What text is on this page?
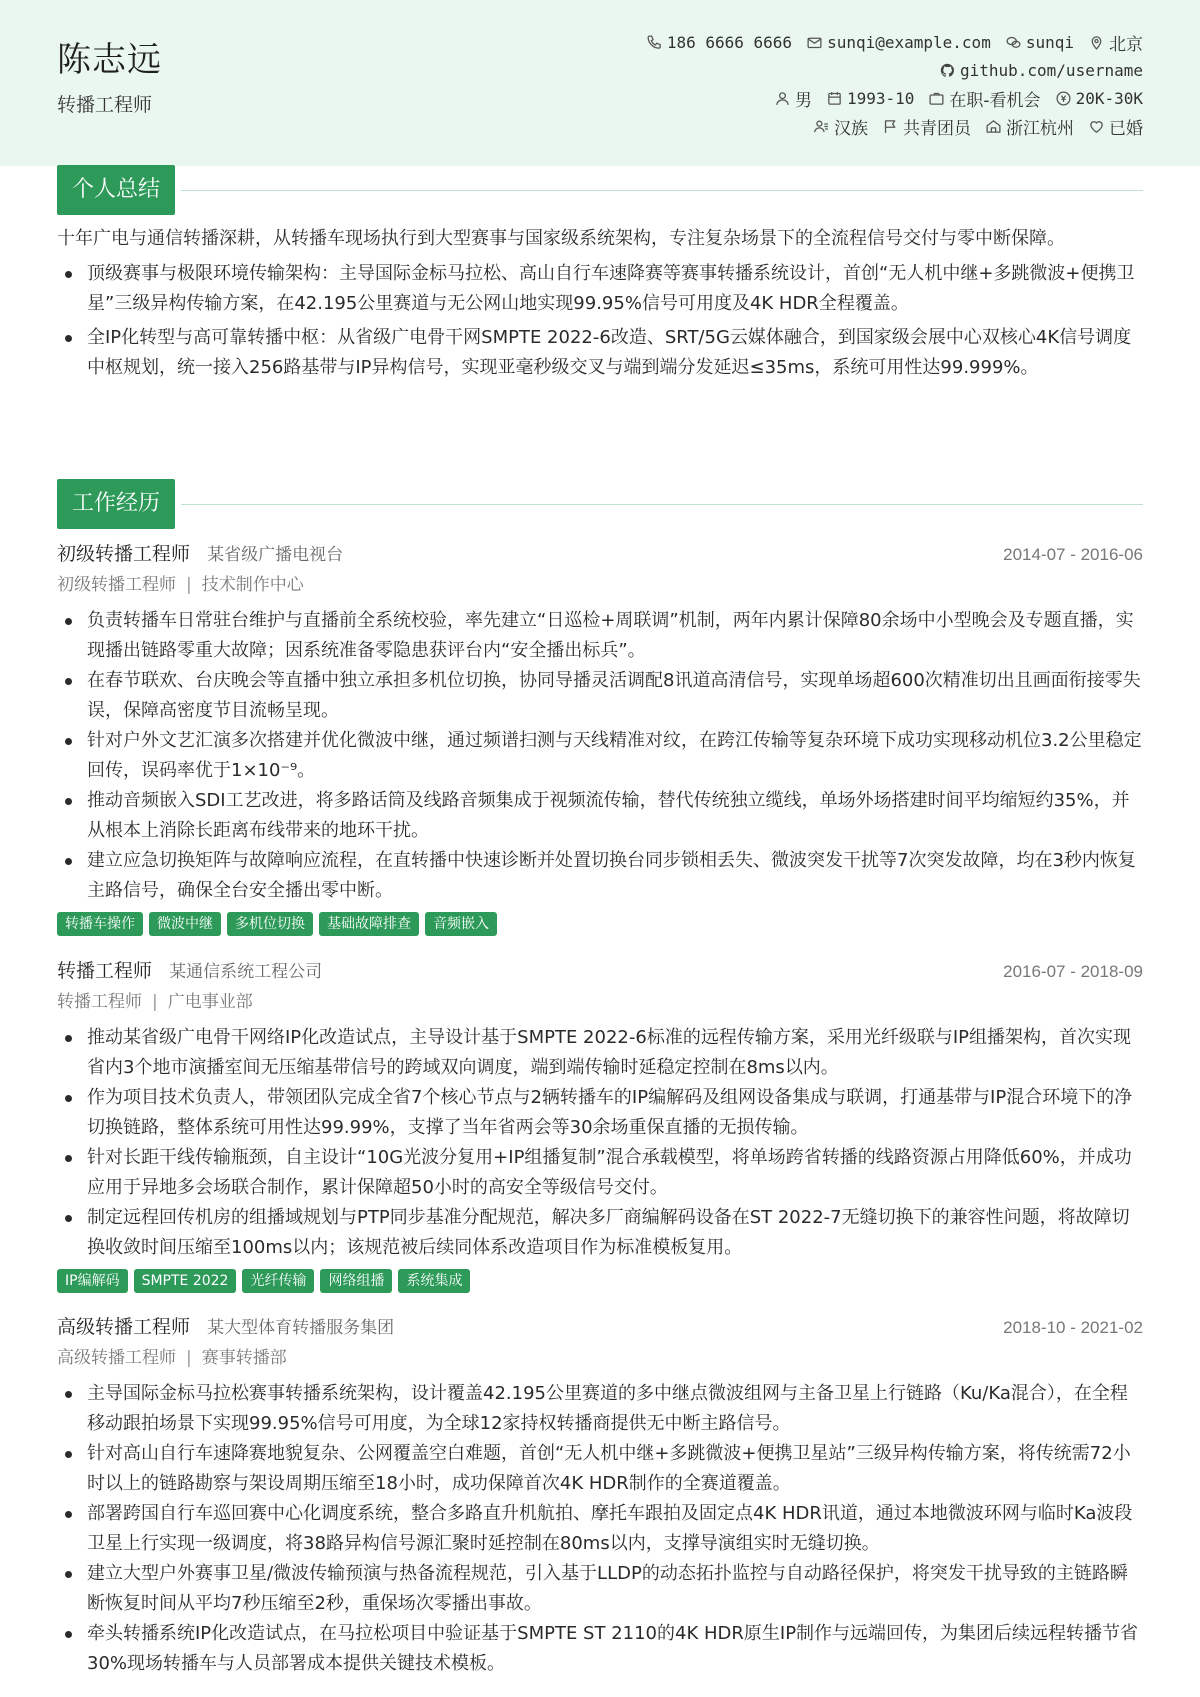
陈志远
转播工程师
186 6666 6666 sunqi@example.com sunqi 北京
github.com/username
男 1993-10 在职-看机会 20K-30K
汉族 共青团员 浙江杭州 已婚
个人总结

十年广电与通信转播深耕，从转播车现场执行到大型赛事与国家级系统架构，专注复杂场景下的全流程信号交付与零中断保障。

顶级赛事与极限环境传输架构：主导国际金标马拉松、高山自行车速降赛等赛事转播系统设计，首创“无人机中继+多跳微波+便携卫星”三级异构传输方案，在42.195公里赛道与无公网山地实现99.95%信号可用度及4K HDR全程覆盖。
全IP化转型与高可靠转播中枢：从省级广电骨干网SMPTE 2022-6改造、SRT/5G云媒体融合，到国家级会展中心双核心4K信号调度中枢规划，统一接入256路基带与IP异构信号，实现亚毫秒级交叉与端到端分发延迟≤35ms，系统可用性达99.999%。
工作经历
初级转播工程师 某省级广播电视台	2014-07 - 2016-06
初级转播工程师 | 技术制作中心
负责转播车日常驻台维护与直播前全系统校验，率先建立“日巡检+周联调”机制，两年内累计保障80余场中小型晚会及专题直播，实现播出链路零重大故障；因系统准备零隐患获评台内“安全播出标兵”。
在春节联欢、台庆晚会等直播中独立承担多机位切换，协同导播灵活调配8讯道高清信号，实现单场超600次精准切出且画面衔接零失误，保障高密度节目流畅呈现。
针对户外文艺汇演多次搭建并优化微波中继，通过频谱扫测与天线精准对纹，在跨江传输等复杂环境下成功实现移动机位3.2公里稳定回传，误码率优于1×10⁻⁹。
推动音频嵌入SDI工艺改进，将多路话筒及线路音频集成于视频流传输，替代传统独立缆线，单场外场搭建时间平均缩短约35%，并从根本上消除长距离布线带来的地环干扰。
建立应急切换矩阵与故障响应流程，在直转播中快速诊断并处置切换台同步锁相丢失、微波突发干扰等7次突发故障，均在3秒内恢复主路信号，确保全台安全播出零中断。
转播车操作	微波中继	多机位切换	基础故障排查	音频嵌入
转播工程师 某通信系统工程公司	2016-07 - 2018-09
转播工程师 | 广电事业部
推动某省级广电骨干网络IP化改造试点，主导设计基于SMPTE 2022-6标准的远程传输方案，采用光纤级联与IP组播架构，首次实现省内3个地市演播室间无压缩基带信号的跨域双向调度，端到端传输时延稳定控制在8ms以内。
作为项目技术负责人，带领团队完成全省7个核心节点与2辆转播车的IP编解码及组网设备集成与联调，打通基带与IP混合环境下的净切换链路，整体系统可用性达99.99%，支撑了当年省两会等30余场重保直播的无损传输。
针对长距干线传输瓶颈，自主设计“10G光波分复用+IP组播复制”混合承载模型，将单场跨省转播的线路资源占用降低60%，并成功应用于异地多会场联合制作，累计保障超50小时的高安全等级信号交付。
制定远程回传机房的组播域规划与PTP同步基准分配规范，解决多厂商编解码设备在ST 2022-7无缝切换下的兼容性问题，将故障切换收敛时间压缩至100ms以内；该规范被后续同体系改造项目作为标准模板复用。
IP编解码	SMPTE 2022	光纤传输	网络组播	系统集成
高级转播工程师 某大型体育转播服务集团	2018-10 - 2021-02
高级转播工程师 | 赛事转播部
主导国际金标马拉松赛事转播系统架构，设计覆盖42.195公里赛道的多中继点微波组网与主备卫星上行链路（Ku/Ka混合），在全程移动跟拍场景下实现99.95%信号可用度，为全球12家持权转播商提供无中断主路信号。
针对高山自行车速降赛地貌复杂、公网覆盖空白难题，首创“无人机中继+多跳微波+便携卫星站”三级异构传输方案，将传统需72小时以上的链路勘察与架设周期压缩至18小时，成功保障首次4K HDR制作的全赛道覆盖。
部署跨国自行车巡回赛中心化调度系统，整合多路直升机航拍、摩托车跟拍及固定点4K HDR讯道，通过本地微波环网与临时Ka波段卫星上行实现一级调度，将38路异构信号源汇聚时延控制在80ms以内，支撑导演组实时无缝切换。
建立大型户外赛事卫星/微波传输预演与热备流程规范，引入基于LLDP的动态拓扑监控与自动路径保护，将突发干扰导致的主链路瞬断恢复时间从平均7秒压缩至2秒，重保场次零播出事故。
牵头转播系统IP化改造试点，在马拉松项目中验证基于SMPTE ST 2110的4K HDR原生IP制作与远端回传，为集团后续远程转播节省30%现场转播车与人员部署成本提供关键技术模板。
